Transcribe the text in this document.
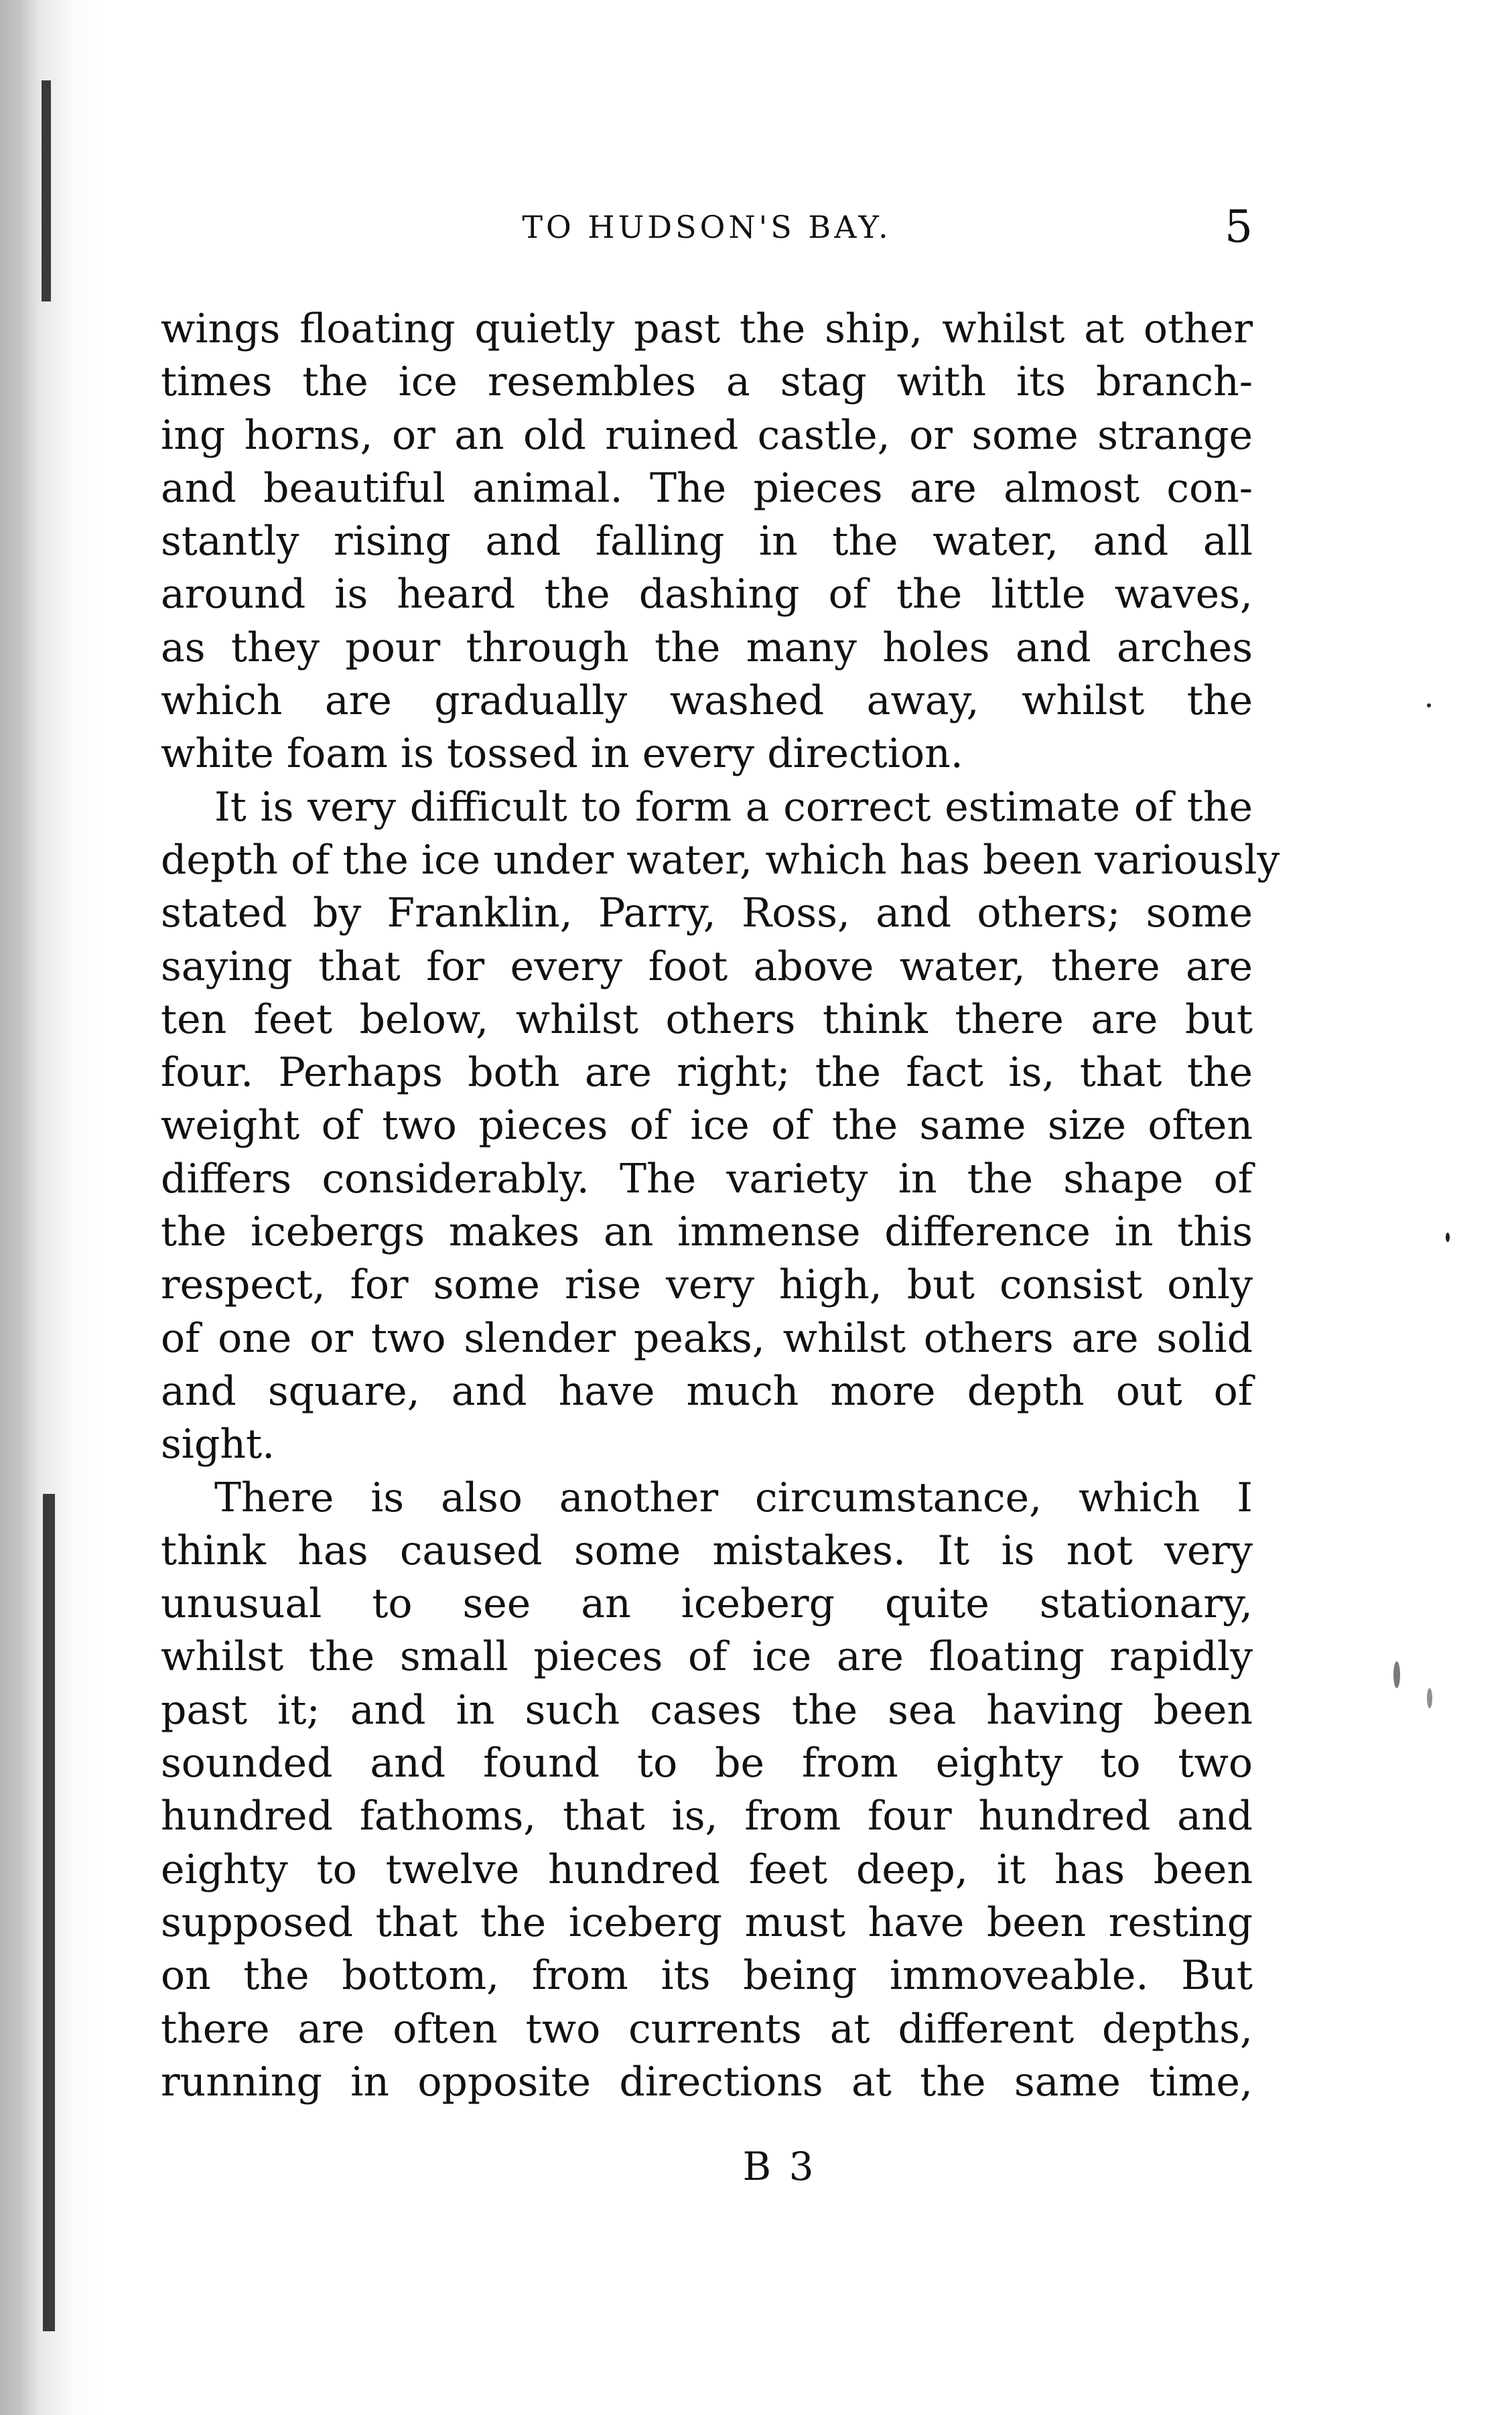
TO HUDSON'S BAY.	5
wings floating quietly past the ship, whilst at other
times the ice resembles a stag with its branch-
ing horns, or an old ruined castle, or some strange
and beautiful animal. The pieces are almost con-
stantly rising and falling in the water, and all
around is heard the dashing of the little waves,
as they pour through the many holes and arches
which are gradually washed away, whilst the
white foam is tossed in every direction.
It is very difficult to form a correct estimate of the
depth of the ice under water, which has been variously
stated by Franklin, Parry, Ross, and others; some
saying that for every foot above water, there are
ten feet below, whilst others think there are but
four. Perhaps both are right; the fact is, that the
weight of two pieces of ice of the same size often
differs considerably. The variety in the shape of
the icebergs makes an immense difference in this
respect, for some rise very high, but consist only
of one or two slender peaks, whilst others are solid
and square, and have much more depth out of
sight.
There is also another circumstance, which I
think has caused some mistakes. It is not very
unusual to see an iceberg quite stationary,
whilst the small pieces of ice are floating rapidly
past it; and in such cases the sea having been
sounded and found to be from eighty to two
hundred fathoms, that is, from four hundred and
eighty to twelve hundred feet deep, it has been
supposed that the iceberg must have been resting
on the bottom, from its being immoveable. But
there are often two currents at different depths,
running in opposite directions at the same time,
B 3
